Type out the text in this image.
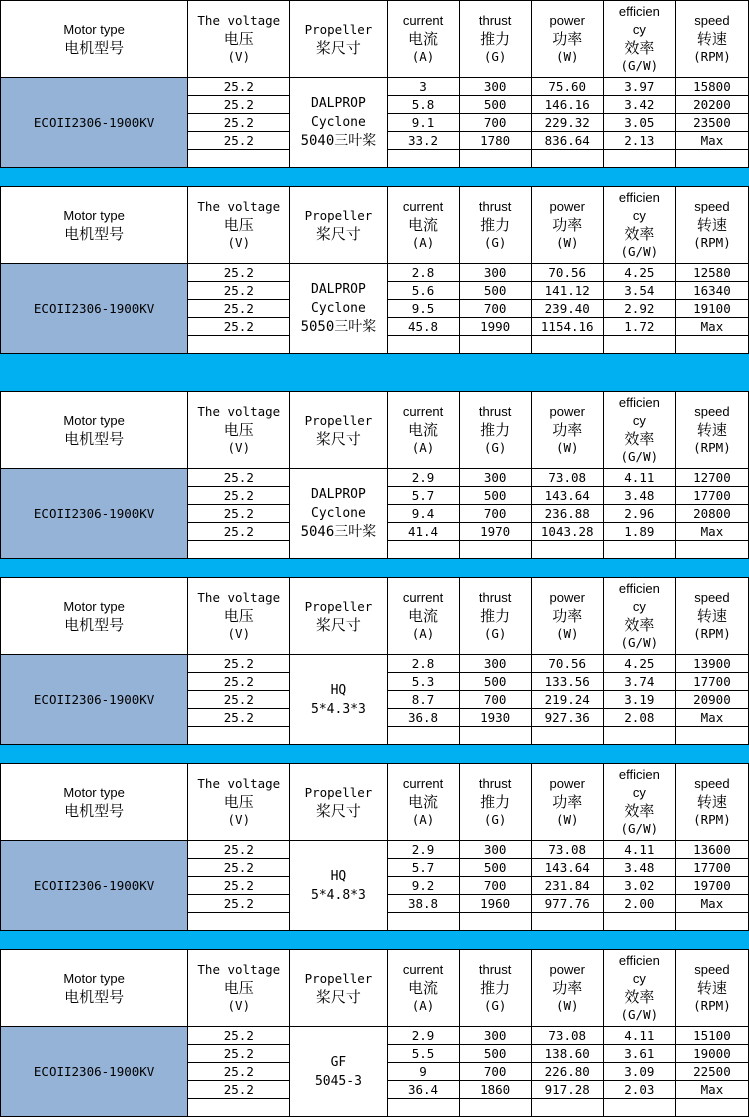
Motor type
电机型号	The voltage
电压
(V)	Propeller
桨尺寸	current
电流
(A)	thrust
推力
(G)	power
功率
(W)	efficien
cy
效率
(G/W)	speed
转速
(RPM)

ECOII2306-1900KV	25.2	DALPROP
Cyclone
5040三叶桨	3	300	75.60	3.97	15800
	25.2		5.8	500	146.16	3.42	20200
	25.2		9.1	700	229.32	3.05	23500
	25.2		33.2	1780	836.64	2.13	Max

Motor type
电机型号	The voltage
电压
(V)	Propeller
桨尺寸	current
电流
(A)	thrust
推力
(G)	power
功率
(W)	efficien
cy
效率
(G/W)	speed
转速
(RPM)

ECOII2306-1900KV	25.2	DALPROP
Cyclone
5050三叶桨	2.8	300	70.56	4.25	12580
	25.2		5.6	500	141.12	3.54	16340
	25.2		9.5	700	239.40	2.92	19100
	25.2		45.8	1990	1154.16	1.72	Max

Motor type
电机型号	The voltage
电压
(V)	Propeller
桨尺寸	current
电流
(A)	thrust
推力
(G)	power
功率
(W)	efficien
cy
效率
(G/W)	speed
转速
(RPM)

ECOII2306-1900KV	25.2	DALPROP
Cyclone
5046三叶桨	2.9	300	73.08	4.11	12700
	25.2		5.7	500	143.64	3.48	17700
	25.2		9.4	700	236.88	2.96	20800
	25.2		41.4	1970	1043.28	1.89	Max

Motor type
电机型号	The voltage
电压
(V)	Propeller
桨尺寸	current
电流
(A)	thrust
推力
(G)	power
功率
(W)	efficien
cy
效率
(G/W)	speed
转速
(RPM)

ECOII2306-1900KV	25.2	HQ
5*4.3*3	2.8	300	70.56	4.25	13900
	25.2		5.3	500	133.56	3.74	17700
	25.2		8.7	700	219.24	3.19	20900
	25.2		36.8	1930	927.36	2.08	Max

Motor type
电机型号	The voltage
电压
(V)	Propeller
桨尺寸	current
电流
(A)	thrust
推力
(G)	power
功率
(W)	efficien
cy
效率
(G/W)	speed
转速
(RPM)

ECOII2306-1900KV	25.2	HQ
5*4.8*3	2.9	300	73.08	4.11	13600
	25.2		5.7	500	143.64	3.48	17700
	25.2		9.2	700	231.84	3.02	19700
	25.2		38.8	1960	977.76	2.00	Max

Motor type
电机型号	The voltage
电压
(V)	Propeller
桨尺寸	current
电流
(A)	thrust
推力
(G)	power
功率
(W)	efficien
cy
效率
(G/W)	speed
转速
(RPM)

ECOII2306-1900KV	25.2	GF
5045-3	2.9	300	73.08	4.11	15100
	25.2		5.5	500	138.60	3.61	19000
	25.2		9	700	226.80	3.09	22500
	25.2		36.4	1860	917.28	2.03	Max
